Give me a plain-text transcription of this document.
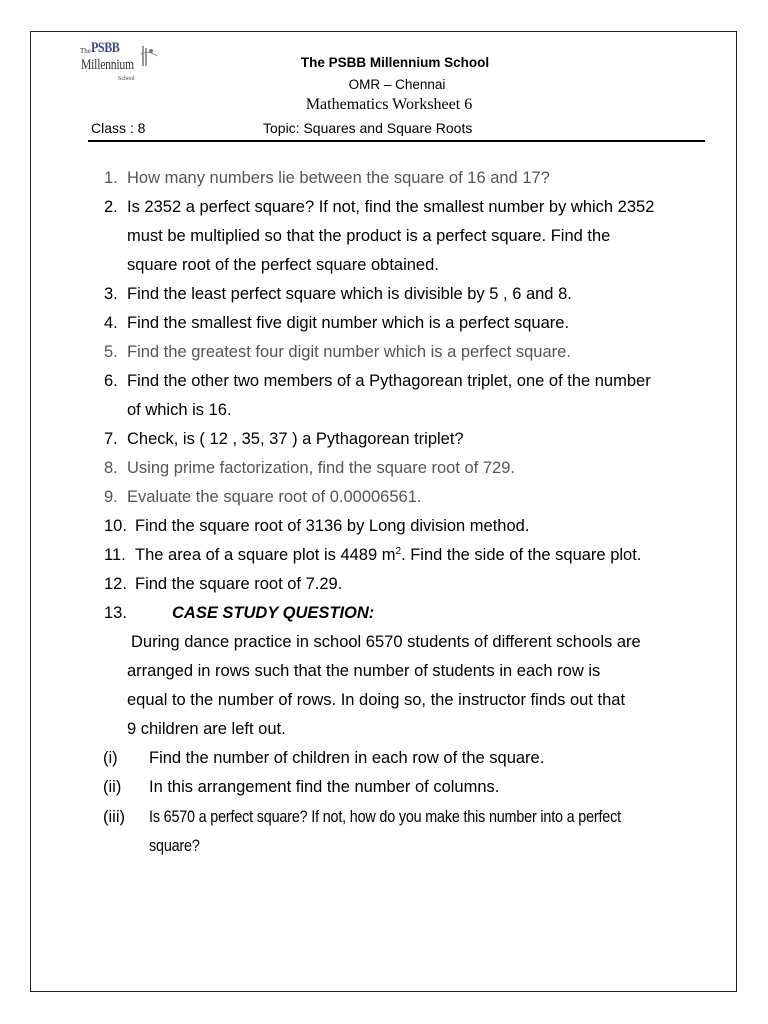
The PSBB
Millennium
School
The PSBB Millennium School
OMR – Chennai
Mathematics Worksheet 6
Class : 8	Topic: Squares and Square Roots
1. How many numbers lie between the square of 16 and 17?
2. Is 2352 a perfect square? If not, find the smallest number by which 2352
must be multiplied so that the product is a perfect square. Find the
square root of the perfect square obtained.
3. Find the least perfect square which is divisible by 5 , 6 and 8.
4. Find the smallest five digit number which is a perfect square.
5. Find the greatest four digit number which is a perfect square.
6. Find the other two members of a Pythagorean triplet, one of the number
of which is 16.
7. Check, is ( 12 , 35, 37 ) a Pythagorean triplet?
8. Using prime factorization, find the square root of 729.
9. Evaluate the square root of 0.00006561.
10. Find the square root of 3136 by Long division method.
11. The area of a square plot is 4489 $m^2$. Find the side of the square plot.
12. Find the square root of 7.29.
13.	CASE STUDY QUESTION:
During dance practice in school 6570 students of different schools are
arranged in rows such that the number of students in each row is
equal to the number of rows. In doing so, the instructor finds out that
9 children are left out.
(i) Find the number of children in each row of the square.
(ii) In this arrangement find the number of columns.
(iii) Is 6570 a perfect square? If not, how do you make this number into a perfect
square?
